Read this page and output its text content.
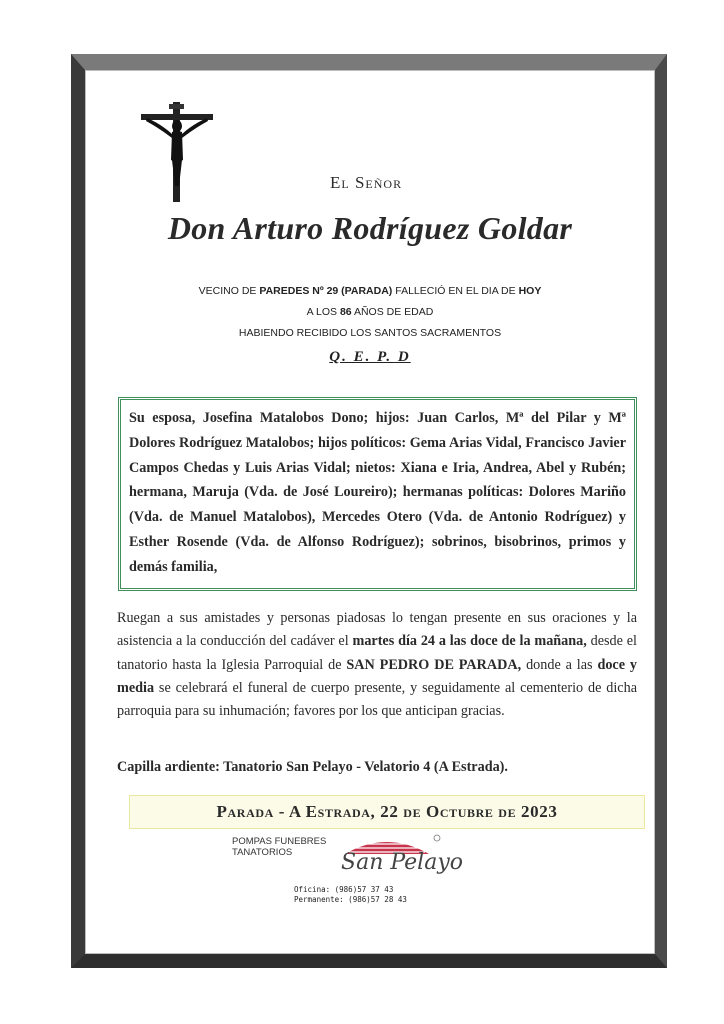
El Señor
Don Arturo Rodríguez Goldar
VECINO DE PAREDES Nº 29 (PARADA) FALLECIÓ EN EL DIA DE HOY
A LOS 86 AÑOS DE EDAD
HABIENDO RECIBIDO LOS SANTOS SACRAMENTOS
Q. E. P. D
Su esposa, Josefina Matalobos Dono; hijos: Juan Carlos, Mª del Pilar y Mª Dolores Rodríguez Matalobos; hijos políticos: Gema Arias Vidal, Francisco Javier Campos Chedas y Luis Arias Vidal; nietos: Xiana e Iria, Andrea, Abel y Rubén; hermana, Maruja (Vda. de José Loureiro); hermanas políticas: Dolores Mariño (Vda. de Manuel Matalobos), Mercedes Otero (Vda. de Antonio Rodríguez) y Esther Rosende (Vda. de Alfonso Rodríguez); sobrinos, bisobrinos, primos y demás familia,
Ruegan a sus amistades y personas piadosas lo tengan presente en sus oraciones y la asistencia a la conducción del cadáver el martes día 24 a las doce de la mañana, desde el tanatorio hasta la Iglesia Parroquial de SAN PEDRO DE PARADA, donde a las doce y media se celebrará el funeral de cuerpo presente, y seguidamente al cementerio de dicha parroquia para su inhumación; favores por los que anticipan gracias.
Capilla ardiente: Tanatorio San Pelayo - Velatorio 4 (A Estrada).
Parada - A Estrada, 22 de Octubre de 2023
POMPAS FUNEBRES
TANATORIOS	San Pelayo
Oficina: (986)57 37 43
Permanente: (986)57 28 43
